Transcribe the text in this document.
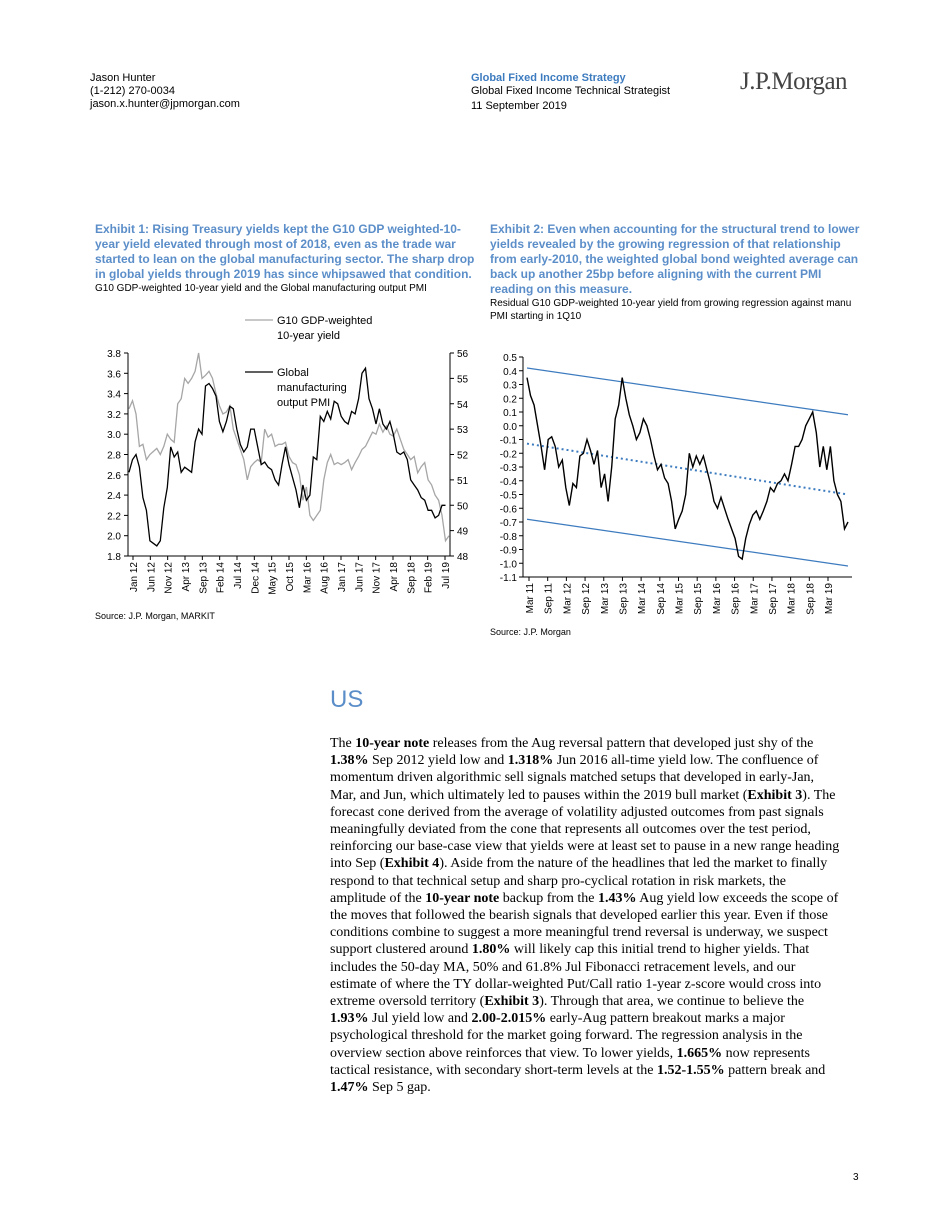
Jason Hunter
(1-212) 270-0034
jason.x.hunter@jpmorgan.com
Global Fixed Income Strategy
Global Fixed Income Technical Strategist
11 September 2019
J.P.Morgan
Exhibit 1: Rising Treasury yields kept the G10 GDP weighted-10-year yield elevated through most of 2018, even as the trade war started to lean on the global manufacturing sector. The sharp drop in global yields through 2019 has since whipsawed that condition.
G10 GDP-weighted 10-year yield and the Global manufacturing output PMI
1.8
2.0
2.2
2.4
2.6
2.8
3.0
3.2
3.4
3.6
3.8
48
49
50
51
52
53
54
55
56
Jan 12 Jun 12 Nov 12 Apr 13 Sep 13 Feb 14 Jul 14 Dec 14 May 15 Oct 15 Mar 16 Aug 16 Jan 17 Jun 17 Nov 17 Apr 18 Sep 18 Feb 19 Jul 19
G10 GDP-weighted
10-year yield
Global
manufacturing
output PMI
Source: J.P. Morgan, MARKIT
Exhibit 2: Even when accounting for the structural trend to lower yields revealed by the growing regression of that relationship from early-2010, the weighted global bond weighted average can back up another 25bp before aligning with the current PMI reading on this measure.
Residual G10 GDP-weighted 10-year yield from growing regression against manu PMI starting in 1Q10
0.5
0.4
0.3
0.2
0.1
0.0
-0.1
-0.2
-0.3
-0.4
-0.5
-0.6
-0.7
-0.8
-0.9
-1.0
-1.1
Mar 11 Sep 11 Mar 12 Sep 12 Mar 13 Sep 13 Mar 14 Sep 14 Mar 15 Sep 15 Mar 16 Sep 16 Mar 17 Sep 17 Mar 18 Sep 18 Mar 19
Source: J.P. Morgan
US
The 10-year note releases from the Aug reversal pattern that developed just shy of the 1.38% Sep 2012 yield low and 1.318% Jun 2016 all-time yield low. The confluence of momentum driven algorithmic sell signals matched setups that developed in early-Jan, Mar, and Jun, which ultimately led to pauses within the 2019 bull market (Exhibit 3). The forecast cone derived from the average of volatility adjusted outcomes from past signals meaningfully deviated from the cone that represents all outcomes over the test period, reinforcing our base-case view that yields were at least set to pause in a new range heading into Sep (Exhibit 4). Aside from the nature of the headlines that led the market to finally respond to that technical setup and sharp pro-cyclical rotation in risk markets, the amplitude of the 10-year note backup from the 1.43% Aug yield low exceeds the scope of the moves that followed the bearish signals that developed earlier this year. Even if those conditions combine to suggest a more meaningful trend reversal is underway, we suspect support clustered around 1.80% will likely cap this initial trend to higher yields. That includes the 50-day MA, 50% and 61.8% Jul Fibonacci retracement levels, and our estimate of where the TY dollar-weighted Put/Call ratio 1-year z-score would cross into extreme oversold territory (Exhibit 3). Through that area, we continue to believe the 1.93% Jul yield low and 2.00-2.015% early-Aug pattern breakout marks a major psychological threshold for the market going forward. The regression analysis in the overview section above reinforces that view. To lower yields, 1.665% now represents tactical resistance, with secondary short-term levels at the 1.52-1.55% pattern break and 1.47% Sep 5 gap.
3
